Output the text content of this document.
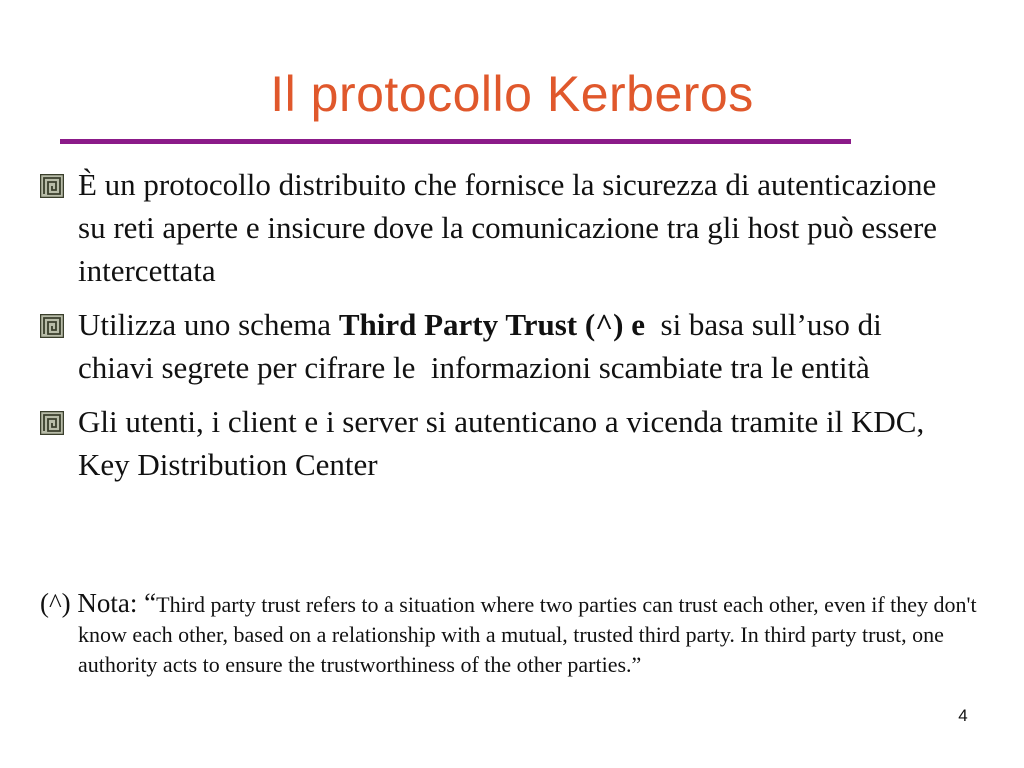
Il protocollo Kerberos
È un protocollo distribuito che fornisce la sicurezza di autenticazione su reti aperte e insicure dove la comunicazione tra gli host può essere intercettata
Utilizza uno schema Third Party Trust (^) e  si basa sull’uso di chiavi segrete per cifrare le  informazioni scambiate tra le entità
Gli utenti, i client e i server si autenticano a vicenda tramite il KDC, Key Distribution Center
(^) Nota: “Third party trust refers to a situation where two parties can trust each other, even if they don't know each other, based on a relationship with a mutual, trusted third party. In third party trust, one authority acts to ensure the trustworthiness of the other parties.”
4
